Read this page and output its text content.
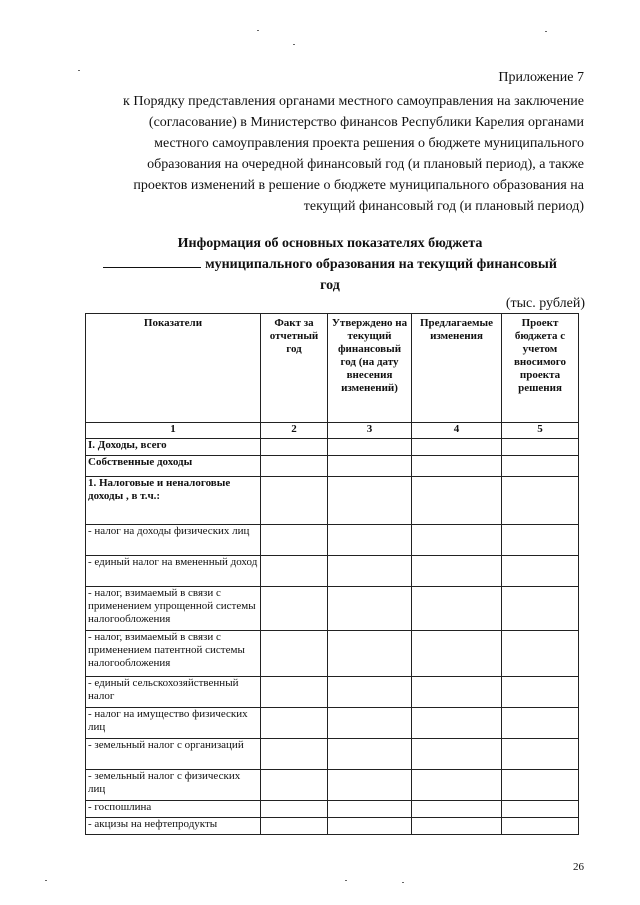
Приложение 7
к Порядку представления органами местного самоуправления на заключение
(согласование) в Министерство финансов Республики Карелия органами
местного самоуправления проекта решения о бюджете муниципального
образования на очередной финансовый год (и плановый период), а также
проектов изменений в решение о бюджете муниципального образования на
текущий финансовый год (и плановый период)
Информация об основных показателях бюджета
муниципального образования на текущий финансовый
год
(тыс. рублей)
Показатели	Факт за отчетный год	Утверждено на текущий финансовый год (на дату внесения изменений)	Предлагаемые изменения	Проект бюджета с учетом вносимого проекта решения
1	2	3	4	5
I. Доходы, всего				
Собственные доходы				
1. Налоговые и неналоговые доходы , в т.ч.:				
- налог на доходы физических лиц				
- единый налог на вмененный доход				
- налог, взимаемый в связи с применением упрощенной системы налогообложения				
- налог, взимаемый в связи с применением патентной системы налогообложения				
- единый сельскохозяйственный налог				
- налог на имущество физических лиц				
- земельный налог с организаций				
- земельный налог с физических лиц				
- госпошлина				
- акцизы на нефтепродукты				
26
